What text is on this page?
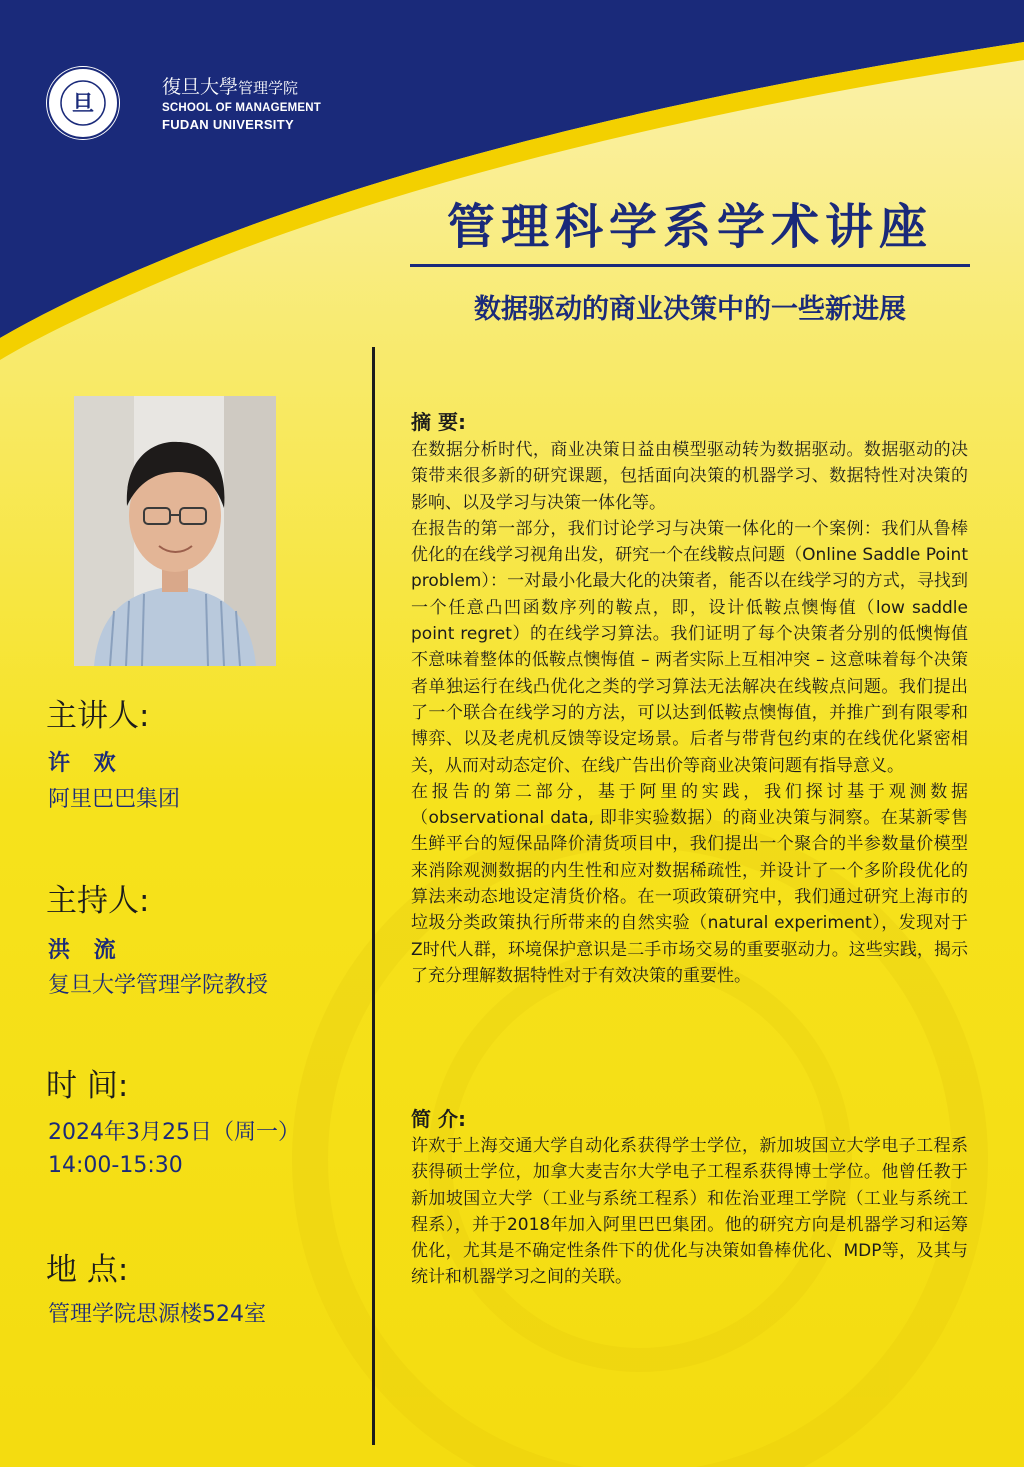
旦
復旦大學管理学院
SCHOOL OF MANAGEMENT
FUDAN UNIVERSITY
管理科学系学术讲座
数据驱动的商业决策中的一些新进展
主讲人:
许 欢
阿里巴巴集团
主持人:
洪 流
复旦大学管理学院教授
时 间:
2024年3月25日（周一）
14:00-15:30
地 点:
管理学院思源楼524室
摘 要:

在数据分析时代，商业决策日益由模型驱动转为数据驱动。数据驱动的决策带来很多新的研究课题，包括面向决策的机器学习、数据特性对决策的影响、以及学习与决策一体化等。

在报告的第一部分，我们讨论学习与决策一体化的一个案例：我们从鲁棒优化的在线学习视角出发，研究一个在线鞍点问题（Online Saddle Point problem）：一对最小化最大化的决策者，能否以在线学习的方式，寻找到一个任意凸凹函数序列的鞍点，即，设计低鞍点懊悔值（low saddle point regret）的在线学习算法。我们证明了每个决策者分别的低懊悔值不意味着整体的低鞍点懊悔值 – 两者实际上互相冲突 – 这意味着每个决策者单独运行在线凸优化之类的学习算法无法解决在线鞍点问题。我们提出了一个联合在线学习的方法，可以达到低鞍点懊悔值，并推广到有限零和博弈、以及老虎机反馈等设定场景。后者与带背包约束的在线优化紧密相关，从而对动态定价、在线广告出价等商业决策问题有指导意义。

在报告的第二部分，基于阿里的实践，我们探讨基于观测数据（observational data, 即非实验数据）的商业决策与洞察。在某新零售生鲜平台的短保品降价清货项目中，我们提出一个聚合的半参数量价模型来消除观测数据的内生性和应对数据稀疏性，并设计了一个多阶段优化的算法来动态地设定清货价格。在一项政策研究中，我们通过研究上海市的垃圾分类政策执行所带来的自然实验（natural experiment），发现对于Z时代人群，环境保护意识是二手市场交易的重要驱动力。这些实践，揭示了充分理解数据特性对于有效决策的重要性。

简 介:

许欢于上海交通大学自动化系获得学士学位，新加坡国立大学电子工程系获得硕士学位，加拿大麦吉尔大学电子工程系获得博士学位。他曾任教于新加坡国立大学（工业与系统工程系）和佐治亚理工学院（工业与系统工程系），并于2018年加入阿里巴巴集团。他的研究方向是机器学习和运筹优化，尤其是不确定性条件下的优化与决策如鲁棒优化、MDP等，及其与统计和机器学习之间的关联。
